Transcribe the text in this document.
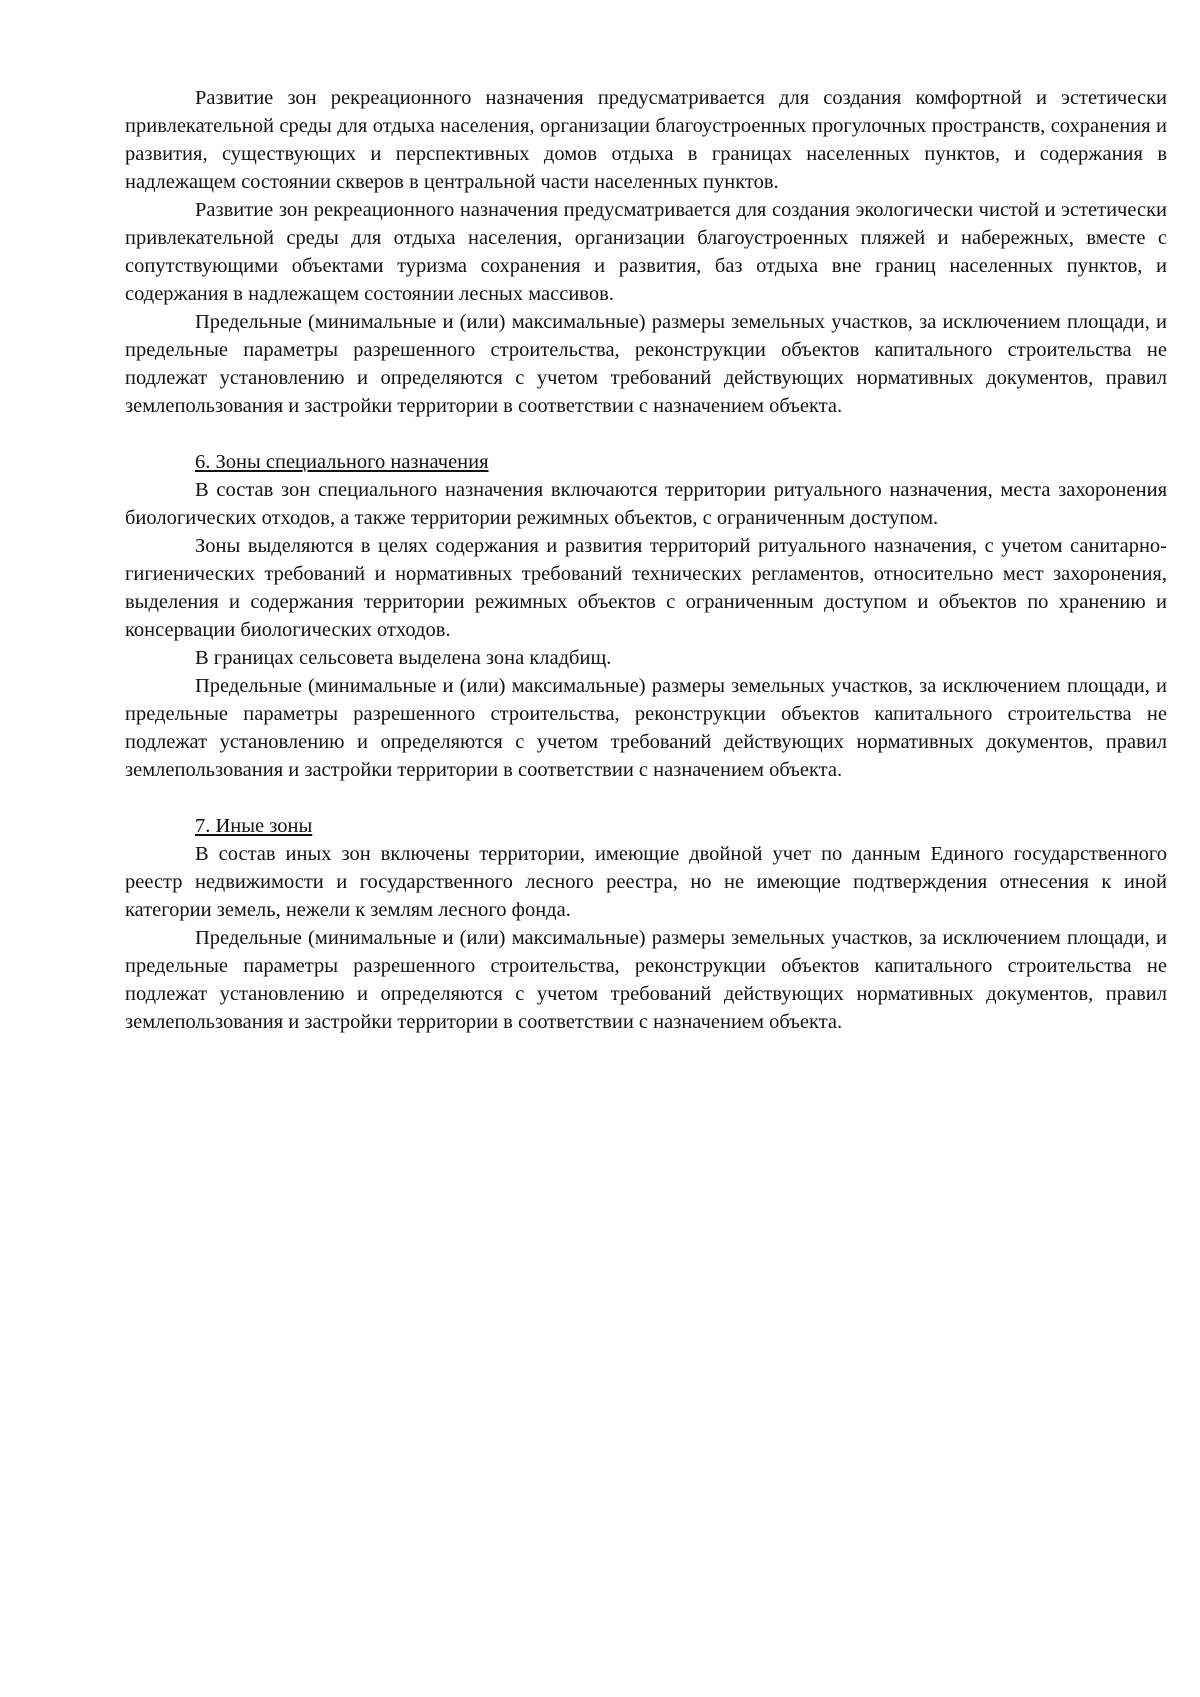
Развитие зон рекреационного назначения предусматривается для создания комфортной и эстетически привлекательной среды для отдыха населения, организации благоустроенных прогулочных пространств, сохранения и развития, существующих и перспективных домов отдыха в границах населенных пунктов, и содержания в надлежащем состоянии скверов в центральной части населенных пунктов.

Развитие зон рекреационного назначения предусматривается для создания экологически чистой и эстетически привлекательной среды для отдыха населения, организации благоустроенных пляжей и набережных, вместе с сопутствующими объектами туризма сохранения и развития, баз отдыха вне границ населенных пунктов, и содержания в надлежащем состоянии лесных массивов.

Предельные (минимальные и (или) максимальные) размеры земельных участков, за исключением площади, и предельные параметры разрешенного строительства, реконструкции объектов капитального строительства не подлежат установлению и определяются с учетом требований действующих нормативных документов, правил землепользования и застройки территории в соответствии с назначением объекта.

6. Зоны специального назначения

В состав зон специального назначения включаются территории ритуального назначения, места захоронения биологических отходов, а также территории режимных объектов, с ограниченным доступом.

Зоны выделяются в целях содержания и развития территорий ритуального назначения, с учетом санитарно-гигиенических требований и нормативных требований технических регламентов, относительно мест захоронения, выделения и содержания территории режимных объектов с ограниченным доступом и объектов по хранению и консервации биологических отходов.

В границах сельсовета выделена зона кладбищ.

Предельные (минимальные и (или) максимальные) размеры земельных участков, за исключением площади, и предельные параметры разрешенного строительства, реконструкции объектов капитального строительства не подлежат установлению и определяются с учетом требований действующих нормативных документов, правил землепользования и застройки территории в соответствии с назначением объекта.

7. Иные зоны

В состав иных зон включены территории, имеющие двойной учет по данным Единого государственного реестр недвижимости и государственного лесного реестра, но не имеющие подтверждения отнесения к иной категории земель, нежели к землям лесного фонда.

Предельные (минимальные и (или) максимальные) размеры земельных участков, за исключением площади, и предельные параметры разрешенного строительства, реконструкции объектов капитального строительства не подлежат установлению и определяются с учетом требований действующих нормативных документов, правил землепользования и застройки территории в соответствии с назначением объекта.
